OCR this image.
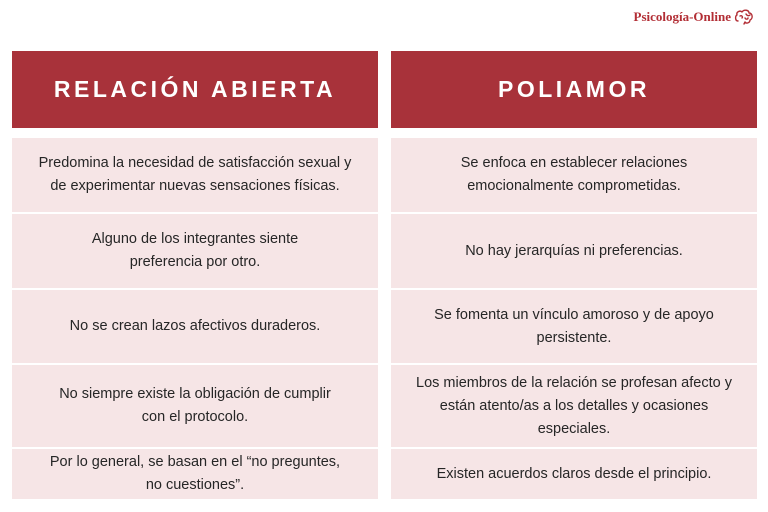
Psicología-Online
RELACIÓN ABIERTA
Predomina la necesidad de satisfacción sexual y
de experimentar nuevas sensaciones físicas.
Alguno de los integrantes siente
preferencia por otro.
No se crean lazos afectivos duraderos.
No siempre existe la obligación de cumplir
con el protocolo.
Por lo general, se basan en el “no preguntes,
no cuestiones”.
POLIAMOR
Se enfoca en establecer relaciones
emocionalmente comprometidas.
No hay jerarquías ni preferencias.
Se fomenta un vínculo amoroso y de apoyo
persistente.
Los miembros de la relación se profesan afecto y
están atento/as a los detalles y ocasiones
especiales.
Existen acuerdos claros desde el principio.
